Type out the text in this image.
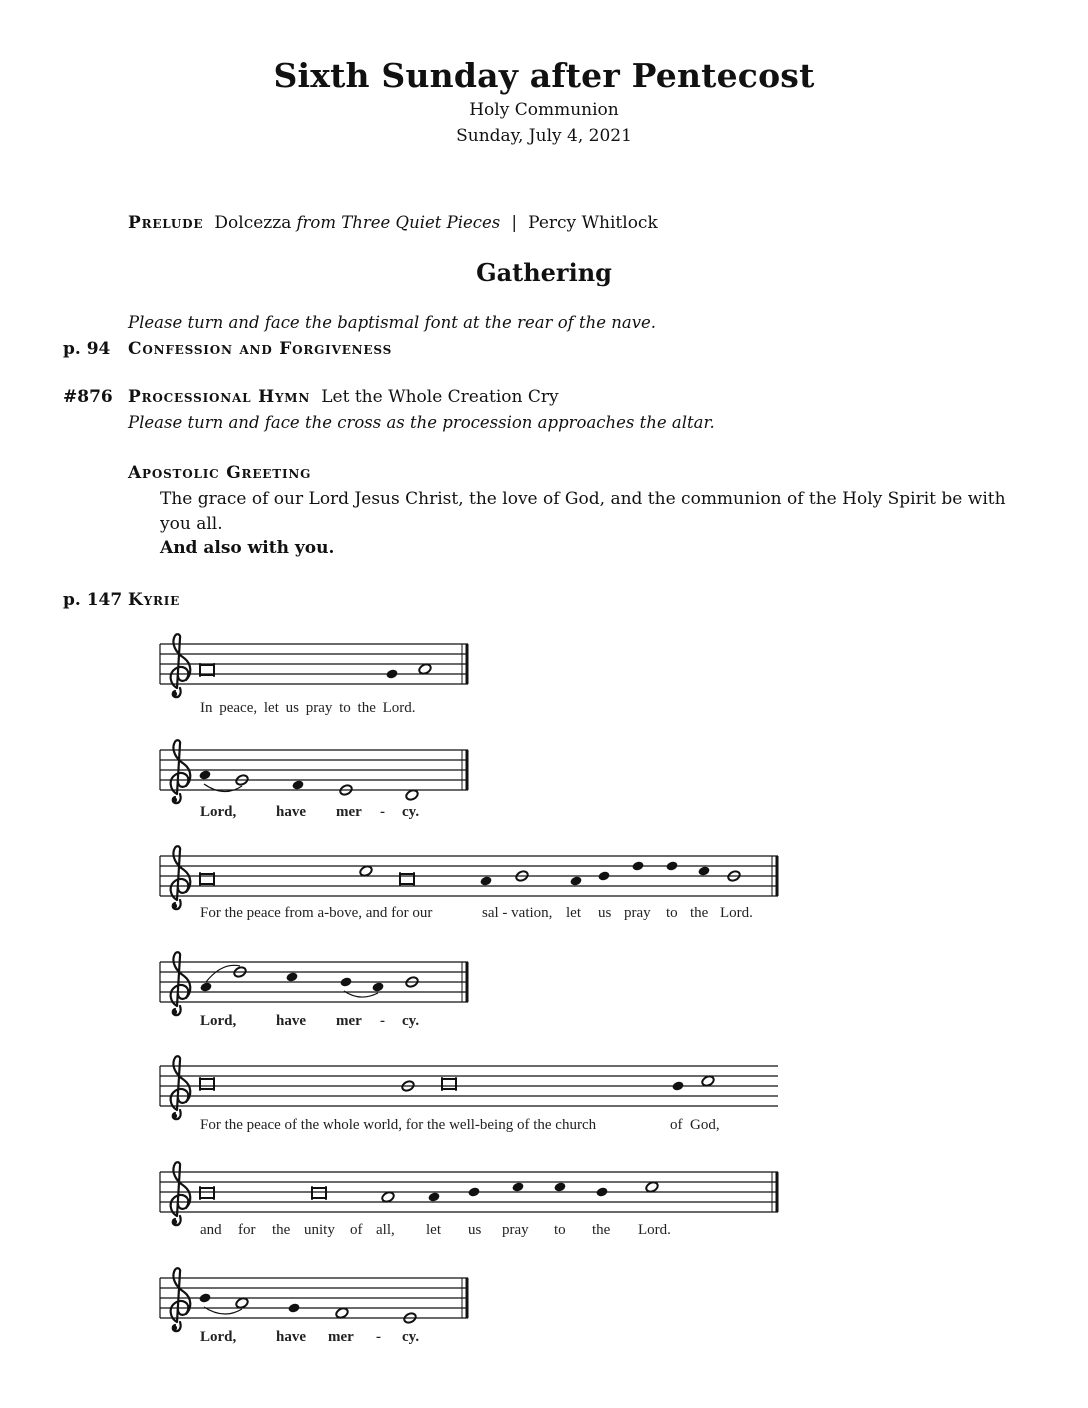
Sixth Sunday after Pentecost
Holy Communion
Sunday, July 4, 2021
Prelude Dolcezza from Three Quiet Pieces | Percy Whitlock
Gathering
Please turn and face the baptismal font at the rear of the nave.
p. 94 Confession and Forgiveness
#876 Processional Hymn Let the Whole Creation Cry
Please turn and face the cross as the procession approaches the altar.
Apostolic Greeting
The grace of our Lord Jesus Christ, the love of God, and the communion of the Holy Spirit be with you all.
And also with you.
p. 147 Kyrie
In peace, let us pray to the Lord.
Lord,	have mer - cy.
For the peace from a-bove, and for our	sal - vation, let us pray to the Lord.
Lord,	have mer - cy.
For the peace of the whole world, for the well-being of the church	of God,
and for the unity of all, let us pray to the Lord.
Lord,	have mer - cy.
